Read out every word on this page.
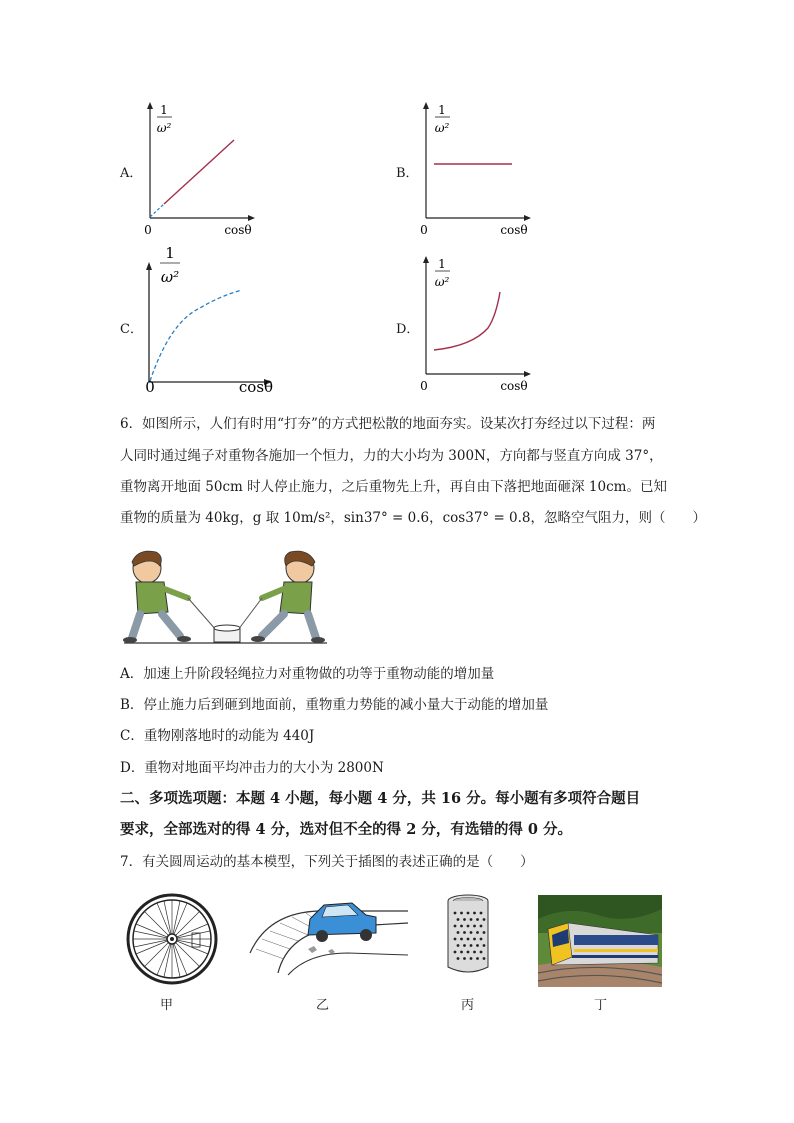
A．
1
ω²
0	cosθ
B．
1
ω²
0	cosθ
C．
1
ω²
0	cosθ
D．
1
ω²
0	cosθ
6．如图所示，人们有时用“打夯”的方式把松散的地面夯实。设某次打夯经过以下过程：两
人同时通过绳子对重物各施加一个恒力，力的大小均为 300N，方向都与竖直方向成 37°，
重物离开地面 50cm 时人停止施力，之后重物先上升，再自由下落把地面砸深 10cm。已知
重物的质量为 40kg，g 取 10m/s²，sin37° = 0.6，cos37° = 0.8，忽略空气阻力，则（　　）
A．加速上升阶段轻绳拉力对重物做的功等于重物动能的增加量
B．停止施力后到砸到地面前，重物重力势能的减小量大于动能的增加量
C．重物刚落地时的动能为 440J
D．重物对地面平均冲击力的大小为 2800N
二、多项选项题：本题 4 小题，每小题 4 分，共 16 分。每小题有多项符合题目
要求，全部选对的得 4 分，选对但不全的得 2 分，有选错的得 0 分。
7．有关圆周运动的基本模型，下列关于插图的表述正确的是（　　）
甲	乙	丙	丁
